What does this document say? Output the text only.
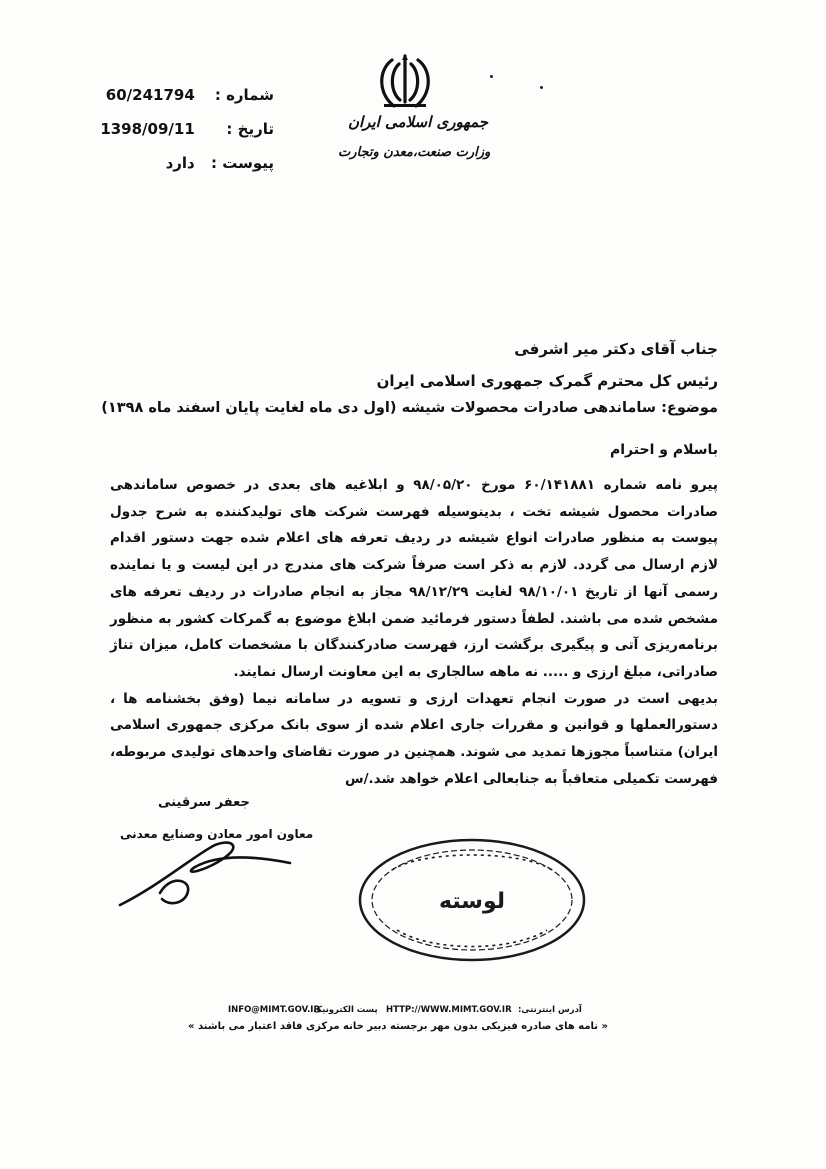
شماره : 60/241794
تاریخ : 1398/09/11
پیوست : دارد
جمهوری اسلامی ایران
وزارت صنعت،معدن وتجارت
جناب آقای دکتر میر اشرفی
رئیس کل محترم گمرک جمهوری اسلامی ایران
موضوع: ساماندهی صادرات محصولات شیشه (اول دی ماه لغایت پایان اسفند ماه ۱۳۹۸)
باسلام و احترام

پیرو نامه شماره ۶۰/۱۴۱۸۸۱ مورخ ۹۸/۰۵/۲۰ و ابلاغیه های بعدی در خصوص ساماندهی صادرات محصول شیشه تخت ، بدینوسیله فهرست شرکت های تولیدکننده به شرح جدول پیوست به منظور صادرات انواع شیشه در ردیف تعرفه های اعلام شده جهت دستور اقدام لازم ارسال می گردد. لازم به ذکر است صرفاً شرکت های مندرج در این لیست و یا نماینده رسمی آنها از تاریخ ۹۸/۱۰/۰۱ لغایت ۹۸/۱۲/۲۹ مجاز به انجام صادرات در ردیف تعرفه های مشخص شده می باشند. لطفاً دستور فرمائید ضمن ابلاغ موضوع به گمرکات کشور به منظور برنامه‌ریزی آتی و پیگیری برگشت ارز، فهرست صادرکنندگان با مشخصات کامل، میزان تناژ صادراتی، مبلغ ارزی و ..... نه ماهه سالجاری به این معاونت ارسال نمایند.

بدیهی است در صورت انجام تعهدات ارزی و تسویه در سامانه نیما (وفق بخشنامه ها ، دستورالعملها و قوانین و مقررات جاری اعلام شده از سوی بانک مرکزی جمهوری اسلامی ایران) متناسباً مجوزها تمدید می شوند. همچنین در صورت تقاضای واحدهای تولیدی مربوطه، فهرست تکمیلی متعاقباً به جنابعالی اعلام خواهد شد./س

جعفر سرقینی
معاون امور معادن وصنایع معدنی
لوسته
INFO@MIMT.GOV.IR
پست الکترونیک: HTTP://WWW.MIMT.GOV.IR آدرس اینترنتی:
« نامه های صادره فیزیکی بدون مهر برجسته دبیر خانه مرکزی فاقد اعتبار می باشند »
